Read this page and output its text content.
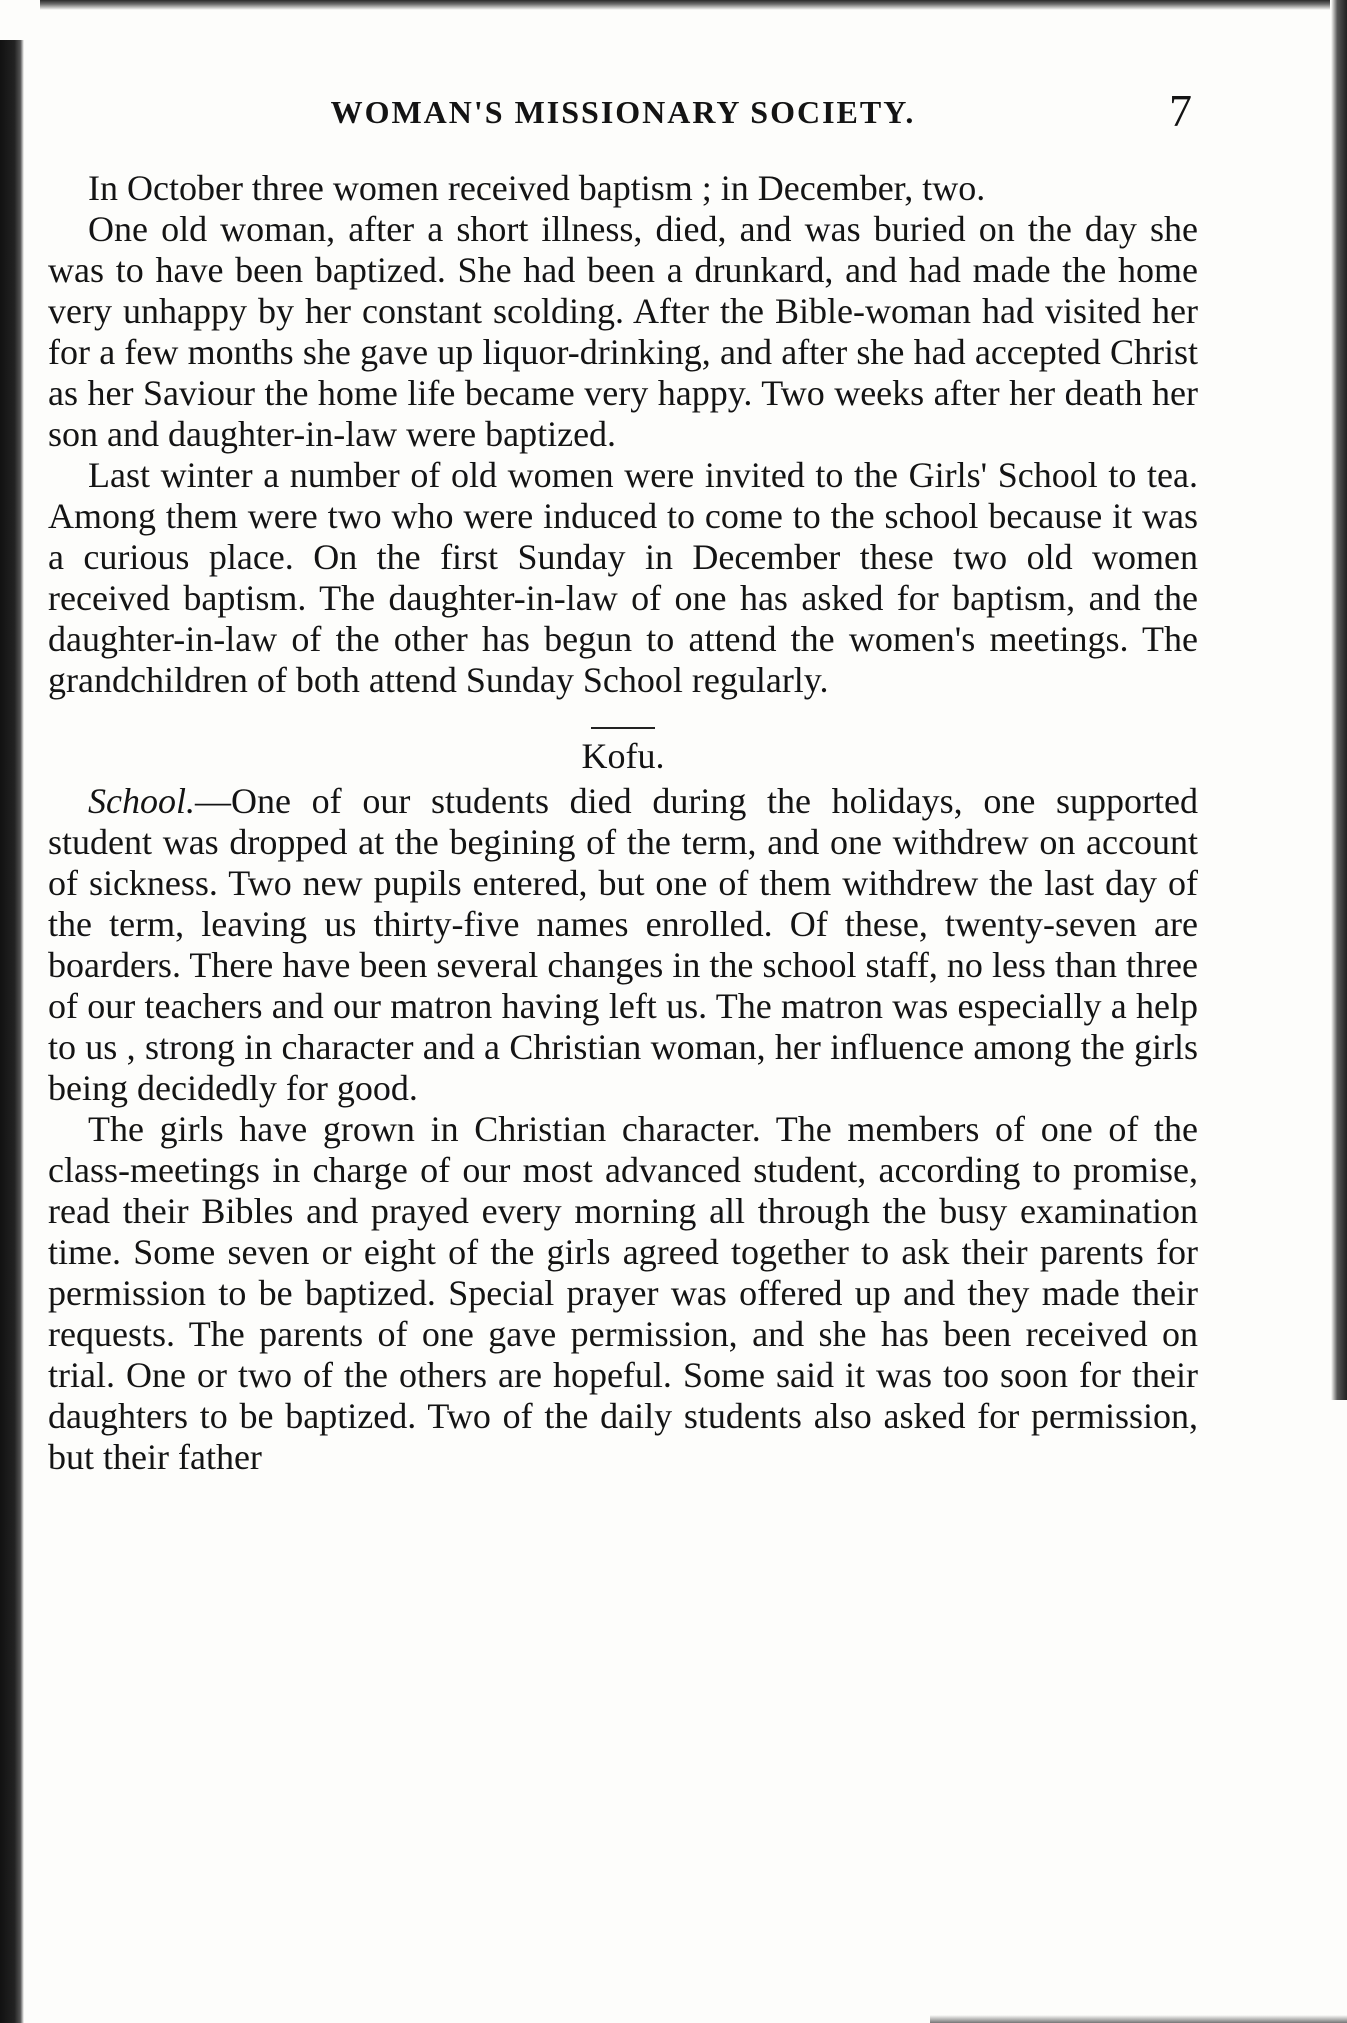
WOMAN'S MISSIONARY SOCIETY.	7

In October three women received baptism ; in December, two.

One old woman, after a short illness, died, and was buried on the day she was to have been baptized. She had been a drunkard, and had made the home very unhappy by her constant scolding. After the Bible-woman had visited her for a few months she gave up liquor-drinking, and after she had accepted Christ as her Saviour the home life became very happy. Two weeks after her death her son and daughter-in-law were baptized.

Last winter a number of old women were invited to the Girls' School to tea. Among them were two who were induced to come to the school because it was a curious place. On the first Sunday in December these two old women received baptism. The daughter-in-law of one has asked for baptism, and the daughter-in-law of the other has begun to attend the women's meetings. The grandchildren of both attend Sunday School regularly.

Kofu.

School.—One of our students died during the holidays, one supported student was dropped at the begining of the term, and one withdrew on account of sickness. Two new pupils entered, but one of them withdrew the last day of the term, leaving us thirty-five names enrolled. Of these, twenty-seven are boarders. There have been several changes in the school staff, no less than three of our teachers and our matron having left us. The matron was especially a help to us , strong in character and a Christian woman, her influence among the girls being decidedly for good.

The girls have grown in Christian character. The members of one of the class-meetings in charge of our most advanced student, according to promise, read their Bibles and prayed every morning all through the busy examination time. Some seven or eight of the girls agreed together to ask their parents for permission to be baptized. Special prayer was offered up and they made their requests. The parents of one gave permission, and she has been received on trial. One or two of the others are hopeful. Some said it was too soon for their daughters to be baptized. Two of the daily students also asked for permission, but their father
